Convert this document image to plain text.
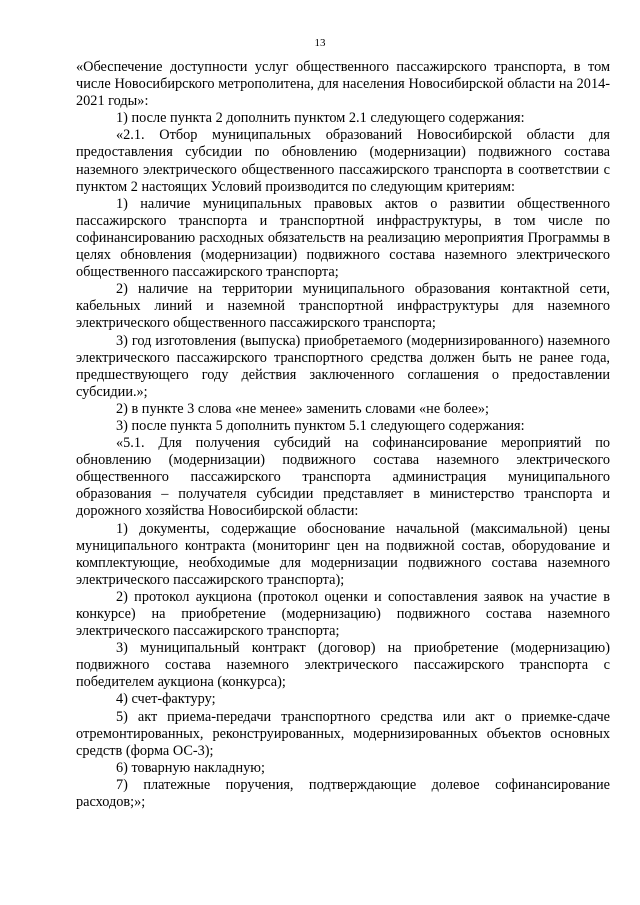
13

«Обеспечение доступности услуг общественного пассажирского транспорта, в том числе Новосибирского метрополитена, для населения Новосибирской области на 2014-2021 годы»:

1) после пункта 2 дополнить пунктом 2.1 следующего содержания:

«2.1. Отбор муниципальных образований Новосибирской области для предоставления субсидии по обновлению (модернизации) подвижного состава наземного электрического общественного пассажирского транспорта в соответствии с пунктом 2 настоящих Условий производится по следующим критериям:

1) наличие муниципальных правовых актов о развитии общественного пассажирского транспорта и транспортной инфраструктуры, в том числе по софинансированию расходных обязательств на реализацию мероприятия Программы в целях обновления (модернизации) подвижного состава наземного электрического общественного пассажирского транспорта;

2) наличие на территории муниципального образования контактной сети, кабельных линий и наземной транспортной инфраструктуры для наземного электрического общественного пассажирского транспорта;

3) год изготовления (выпуска) приобретаемого (модернизированного) наземного электрического пассажирского транспортного средства должен быть не ранее года, предшествующего году действия заключенного соглашения о предоставлении субсидии.»;

2) в пункте 3 слова «не менее» заменить словами «не более»;

3) после пункта 5 дополнить пунктом 5.1 следующего содержания:

«5.1. Для получения субсидий на софинансирование мероприятий по обновлению (модернизации) подвижного состава наземного электрического общественного пассажирского транспорта администрация муниципального образования – получателя субсидии представляет в министерство транспорта и дорожного хозяйства Новосибирской области:

1) документы, содержащие обоснование начальной (максимальной) цены муниципального контракта (мониторинг цен на подвижной состав, оборудование и комплектующие, необходимые для модернизации подвижного состава наземного электрического пассажирского транспорта);

2) протокол аукциона (протокол оценки и сопоставления заявок на участие в конкурсе) на приобретение (модернизацию) подвижного состава наземного электрического пассажирского транспорта;

3) муниципальный контракт (договор) на приобретение (модернизацию) подвижного состава наземного электрического пассажирского транспорта с победителем аукциона (конкурса);

4) счет-фактуру;

5) акт приема-передачи транспортного средства или акт о приемке-сдаче отремонтированных, реконструированных, модернизированных объектов основных средств (форма ОС-3);

6) товарную накладную;

7) платежные поручения, подтверждающие долевое софинансирование расходов;»;
